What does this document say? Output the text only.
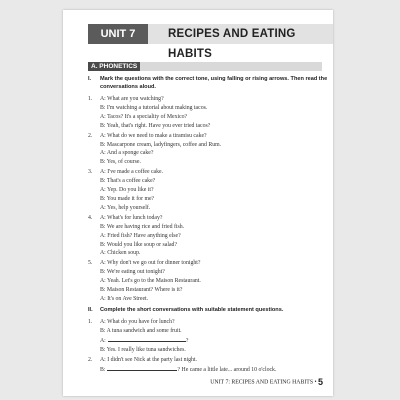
UNIT 7	RECIPES AND EATING HABITS
A. PHONETICS
I.	Mark the questions with the correct tone, using falling or rising arrows. Then read the conversations aloud.
1. A: What are you watching?
B: I'm watching a tutorial about making tacos.
A: Tacos? It's a speciality of Mexico?
B: Yeah, that's right. Have you ever tried tacos?
2. A: What do we need to make a tiramisu cake?
B: Mascarpone cream, ladyfingers, coffee and Rum.
A: And a sponge cake?
B: Yes, of course.
3. A: I've made a coffee cake.
B: That's a coffee cake?
A: Yep. Do you like it?
B: You made it for me?
A: Yes, help yourself.
4. A: What's for lunch today?
B: We are having rice and fried fish.
A: Fried fish? Have anything else?
B: Would you like soup or salad?
A: Chicken soup.
5. A: Why don't we go out for dinner tonight?
B: We're eating out tonight?
A: Yeah. Let's go to the Maison Restaurant.
B: Maison Restaurant? Where is it?
A: It's on Ave Street.
II.	Complete the short conversations with suitable statement questions.
1. A: What do you have for lunch?
B: A tuna sandwich and some fruit.
A:	?
B: Yes. I really like tuna sandwiches.
2. A: I didn't see Nick at the party last night.
B:	? He came a little late... around 10 o'clock.
UNIT 7: RECIPES AND EATING HABITS • 5
